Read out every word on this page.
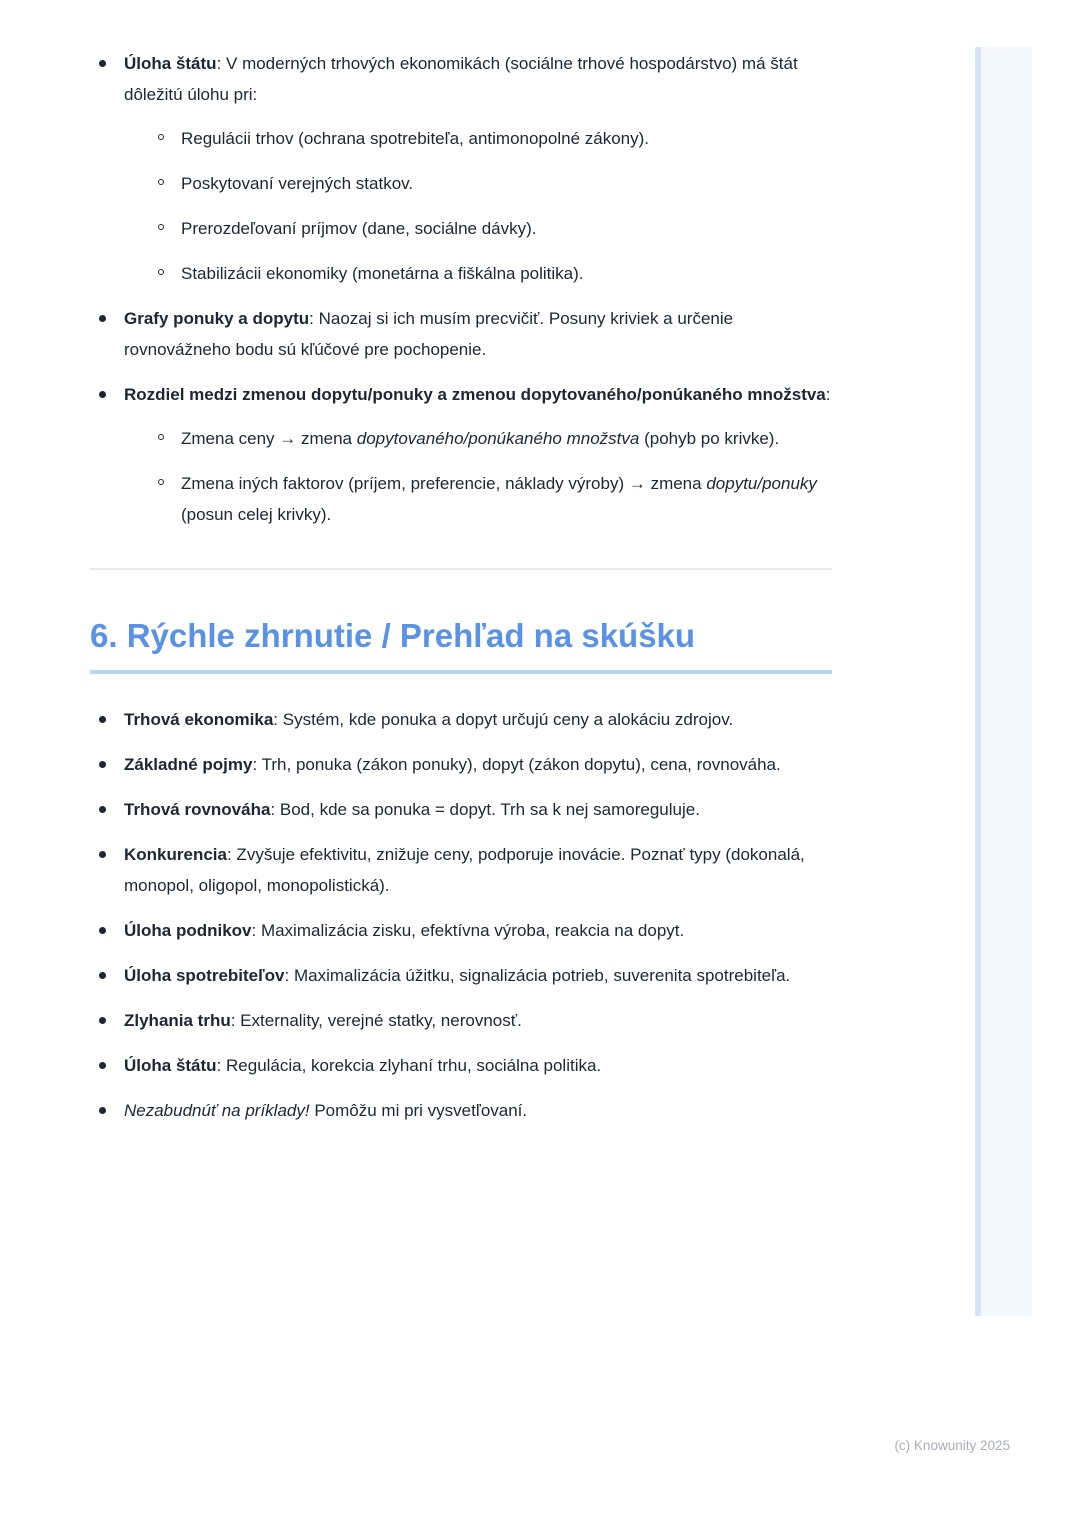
Úloha štátu: V moderných trhových ekonomikách (sociálne trhové hospodárstvo) má štát dôležitú úlohu pri:
Regulácii trhov (ochrana spotrebiteľa, antimonopolné zákony).
Poskytovaní verejných statkov.
Prerozdeľovaní príjmov (dane, sociálne dávky).
Stabilizácii ekonomiky (monetárna a fiškálna politika).
Grafy ponuky a dopytu: Naozaj si ich musím precvičiť. Posuny kriviek a určenie rovnovážneho bodu sú kľúčové pre pochopenie.
Rozdiel medzi zmenou dopytu/ponuky a zmenou dopytovaného/ponúkaného množstva:
Zmena ceny → zmena dopytovaného/ponúkaného množstva (pohyb po krivke).
Zmena iných faktorov (príjem, preferencie, náklady výroby) → zmena dopytu/ponuky (posun celej krivky).
6. Rýchle zhrnutie / Prehľad na skúšku
Trhová ekonomika: Systém, kde ponuka a dopyt určujú ceny a alokáciu zdrojov.
Základné pojmy: Trh, ponuka (zákon ponuky), dopyt (zákon dopytu), cena, rovnováha.
Trhová rovnováha: Bod, kde sa ponuka = dopyt. Trh sa k nej samoreguluje.
Konkurencia: Zvyšuje efektivitu, znižuje ceny, podporuje inovácie. Poznať typy (dokonalá, monopol, oligopol, monopolistická).
Úloha podnikov: Maximalizácia zisku, efektívna výroba, reakcia na dopyt.
Úloha spotrebiteľov: Maximalizácia úžitku, signalizácia potrieb, suverenita spotrebiteľa.
Zlyhania trhu: Externality, verejné statky, nerovnosť.
Úloha štátu: Regulácia, korekcia zlyhaní trhu, sociálna politika.
Nezabudnúť na príklady! Pomôžu mi pri vysvetľovaní.
(c) Knowunity 2025
